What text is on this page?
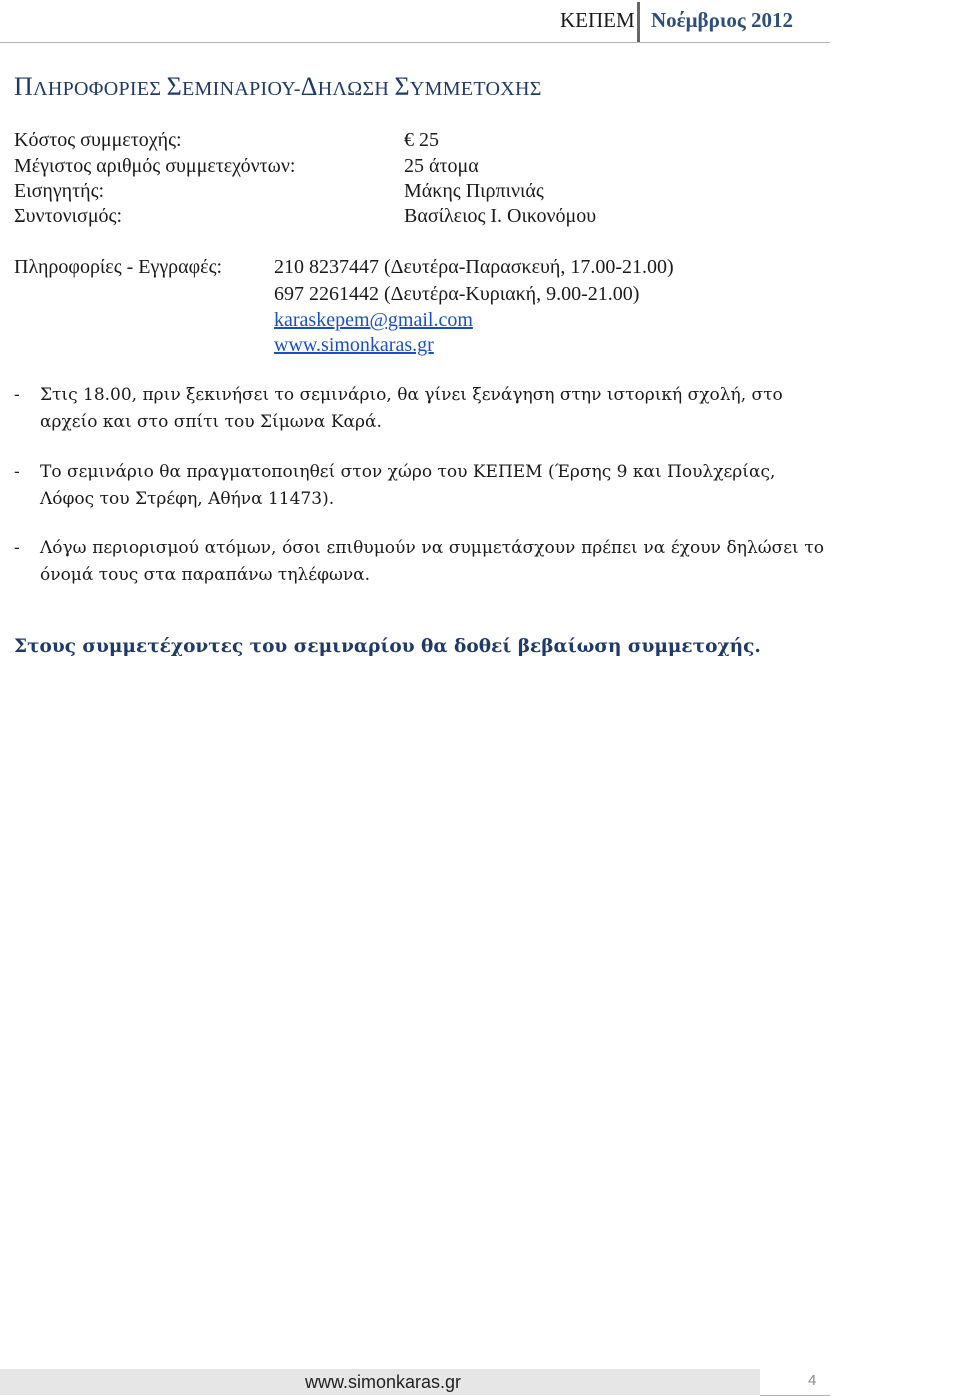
ΚΕΠΕΜ Νοέμβριος 2012
ΠΛΗΡΟΦΟΡΙΕΣ ΣΕΜΙΝΑΡΙΟΥ-ΔΗΛΩΣΗ ΣΥΜΜΕΤΟΧΗΣ
Κόστος συμμετοχής:	€ 25
Μέγιστος αριθμός συμμετεχόντων:	25 άτομα
Εισηγητής:	Μάκης Πιρπινιάς
Συντονισμός:	Βασίλειος Ι. Οικονόμου
Πληροφορίες - Εγγραφές:	210 8237447 (Δευτέρα-Παρασκευή, 17.00-21.00)
697 2261442 (Δευτέρα-Κυριακή, 9.00-21.00)
karaskepem@gmail.com
www.simonkaras.gr
- Στις 18.00, πριν ξεκινήσει το σεμινάριο, θα γίνει ξενάγηση στην ιστορική σχολή, στο αρχείο και στο σπίτι του Σίμωνα Καρά.
- Το σεμινάριο θα πραγματοποιηθεί στον χώρο του ΚΕΠΕΜ (Έρσης 9 και Πουλχερίας, Λόφος του Στρέφη, Αθήνα 11473).
- Λόγω περιορισμού ατόμων, όσοι επιθυμούν να συμμετάσχουν πρέπει να έχουν δηλώσει το όνομά τους στα παραπάνω τηλέφωνα.
Στους συμμετέχοντες του σεμιναρίου θα δοθεί βεβαίωση συμμετοχής.
www.simonkaras.gr	4
